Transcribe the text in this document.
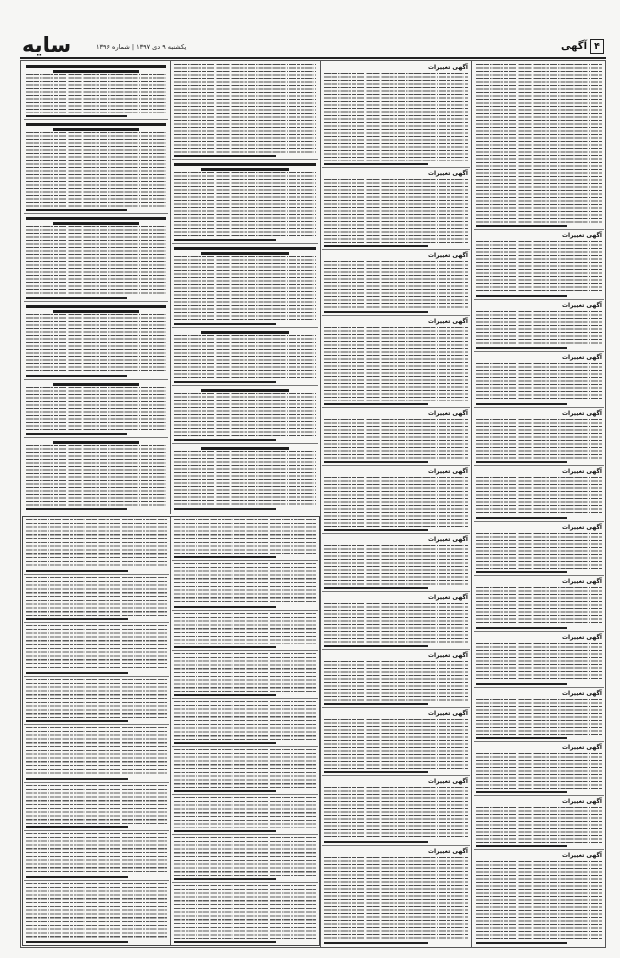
سایه	یکشنبه ۹ دی ۱۳۹۷ | شماره ۱۳۹۶	آگهی ۴
آگهی تغییرات
آگهی تغییرات
آگهی تغییرات
آگهی تغییرات
آگهی تغییرات
آگهی تغییرات
آگهی تغییرات
آگهی تغییرات
آگهی تغییرات
آگهی تغییرات
آگهی تغییرات
آگهی تغییرات
آگهی تغییرات
آگهی تغییرات
آگهی تغییرات
آگهی تغییرات
آگهی تغییرات
آگهی تغییرات
آگهی تغییرات
آگهی تغییرات
آگهی تغییرات
آگهی تغییرات
آگهی تغییرات
آگهی تغییرات
